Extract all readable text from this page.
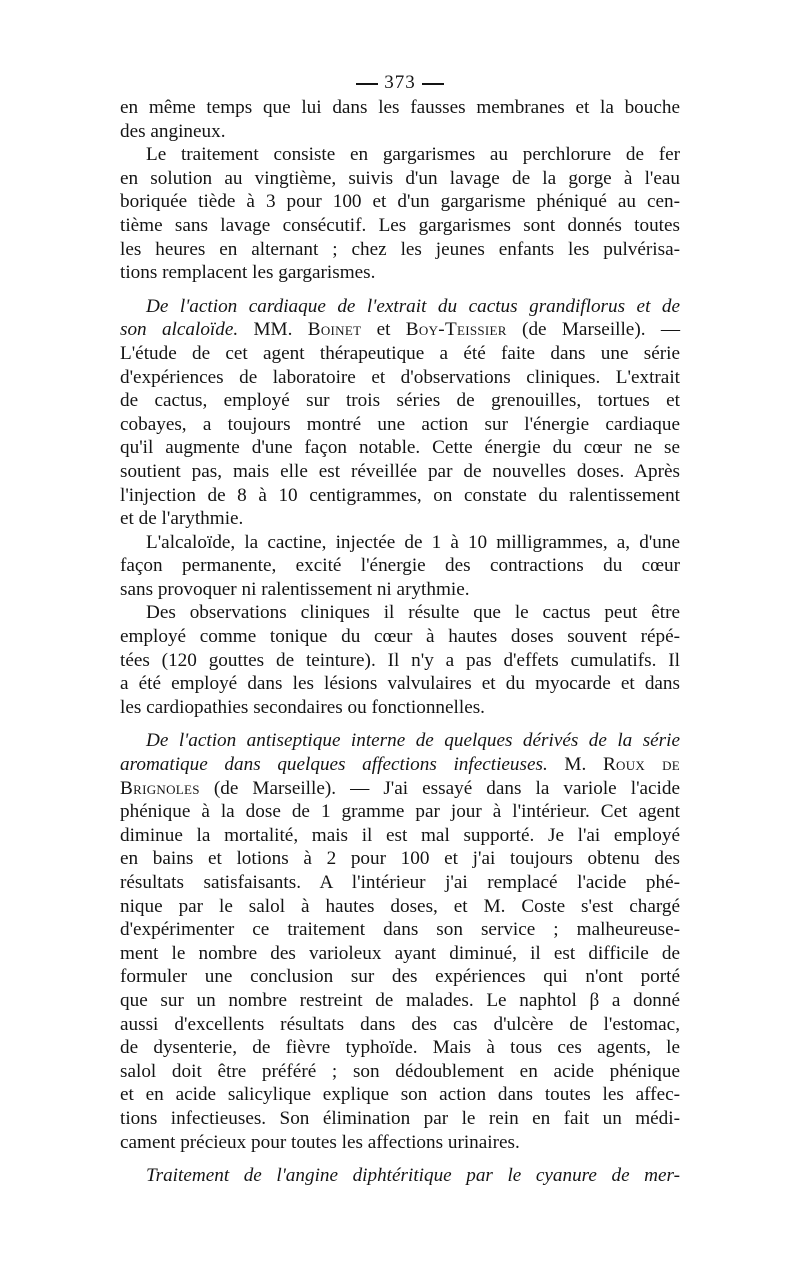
373

en même temps que lui dans les fausses membranes et la bouche
des angineux.

Le traitement consiste en gargarismes au perchlorure de fer
en solution au vingtième, suivis d'un lavage de la gorge à l'eau
boriquée tiède à 3 pour 100 et d'un gargarisme phéniqué au cen-
tième sans lavage consécutif. Les gargarismes sont donnés toutes
les heures en alternant ; chez les jeunes enfants les pulvérisa-
tions remplacent les gargarismes.

De l'action cardiaque de l'extrait du cactus grandiflorus et de
son alcaloïde. MM. Boinet et Boy-Teissier (de Marseille). —
L'étude de cet agent thérapeutique a été faite dans une série
d'expériences de laboratoire et d'observations cliniques. L'extrait
de cactus, employé sur trois séries de grenouilles, tortues et
cobayes, a toujours montré une action sur l'énergie cardiaque
qu'il augmente d'une façon notable. Cette énergie du cœur ne se
soutient pas, mais elle est réveillée par de nouvelles doses. Après
l'injection de 8 à 10 centigrammes, on constate du ralentissement
et de l'arythmie.

L'alcaloïde, la cactine, injectée de 1 à 10 milligrammes, a, d'une
façon permanente, excité l'énergie des contractions du cœur
sans provoquer ni ralentissement ni arythmie.

Des observations cliniques il résulte que le cactus peut être
employé comme tonique du cœur à hautes doses souvent répé-
tées (120 gouttes de teinture). Il n'y a pas d'effets cumulatifs. Il
a été employé dans les lésions valvulaires et du myocarde et dans
les cardiopathies secondaires ou fonctionnelles.

De l'action antiseptique interne de quelques dérivés de la série
aromatique dans quelques affections infectieuses. M. Roux de
Brignoles (de Marseille). — J'ai essayé dans la variole l'acide
phénique à la dose de 1 gramme par jour à l'intérieur. Cet agent
diminue la mortalité, mais il est mal supporté. Je l'ai employé
en bains et lotions à 2 pour 100 et j'ai toujours obtenu des
résultats satisfaisants. A l'intérieur j'ai remplacé l'acide phé-
nique par le salol à hautes doses, et M. Coste s'est chargé
d'expérimenter ce traitement dans son service ; malheureuse-
ment le nombre des varioleux ayant diminué, il est difficile de
formuler une conclusion sur des expériences qui n'ont porté
que sur un nombre restreint de malades. Le naphtol β a donné
aussi d'excellents résultats dans des cas d'ulcère de l'estomac,
de dysenterie, de fièvre typhoïde. Mais à tous ces agents, le
salol doit être préféré ; son dédoublement en acide phénique
et en acide salicylique explique son action dans toutes les affec-
tions infectieuses. Son élimination par le rein en fait un médi-
cament précieux pour toutes les affections urinaires.

Traitement de l'angine diphtéritique par le cyanure de mer-
